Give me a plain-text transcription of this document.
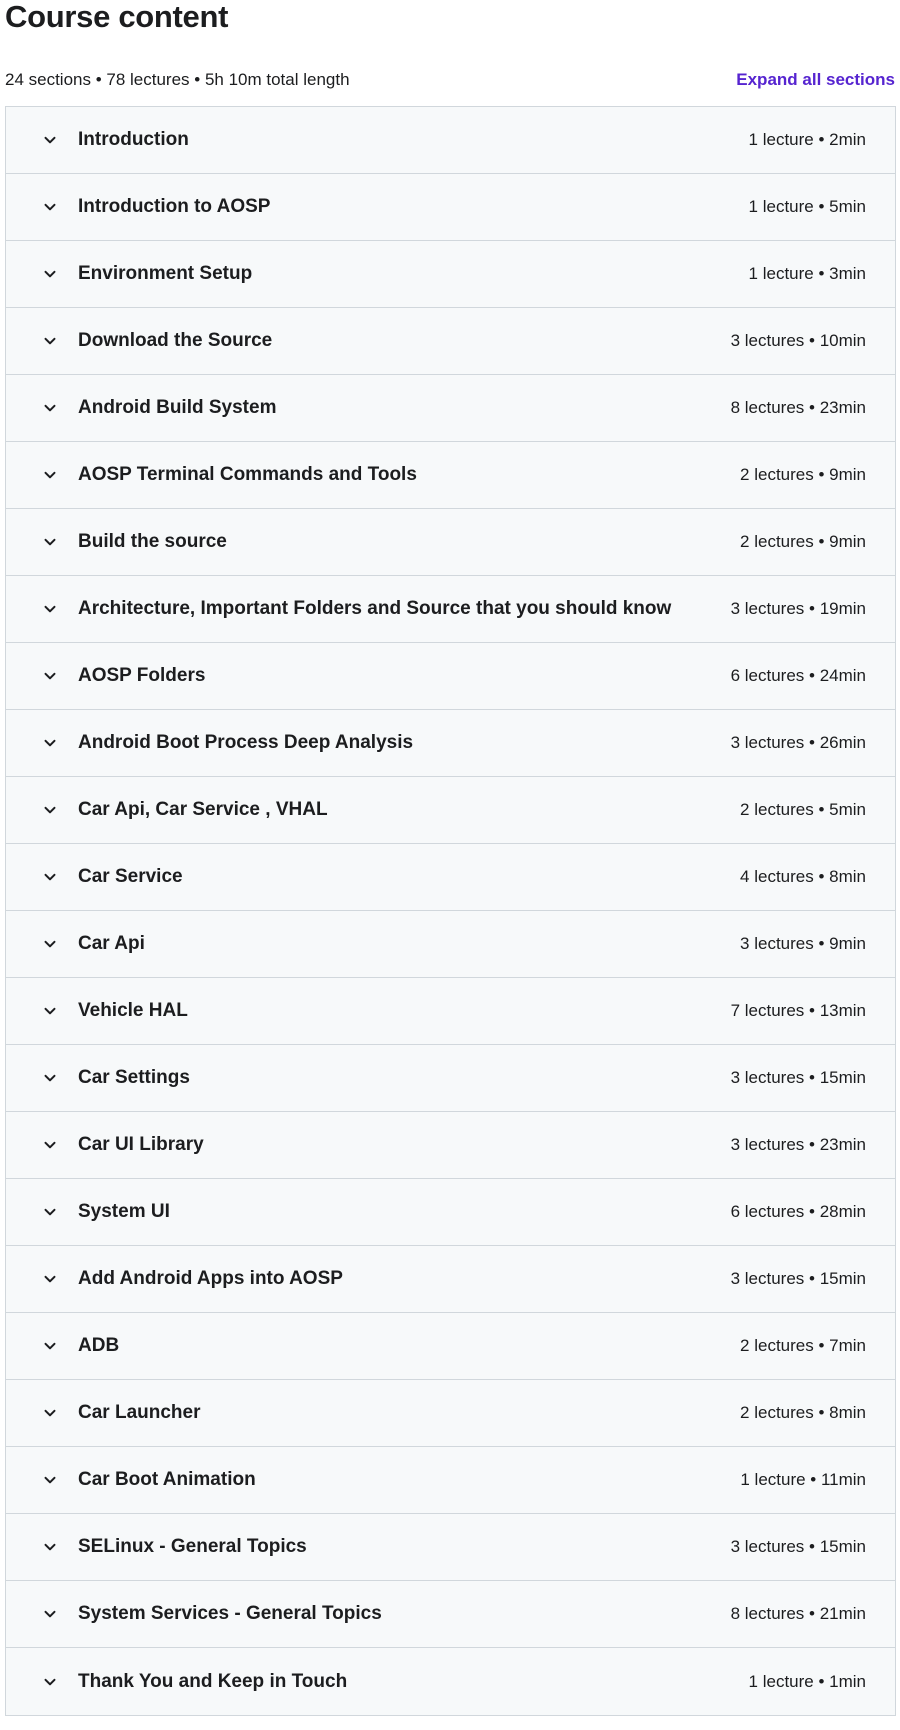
Course content
24 sections • 78 lectures • 5h 10m total length	Expand all sections
Introduction	1 lecture • 2min
Introduction to AOSP	1 lecture • 5min
Environment Setup	1 lecture • 3min
Download the Source	3 lectures • 10min
Android Build System	8 lectures • 23min
AOSP Terminal Commands and Tools	2 lectures • 9min
Build the source	2 lectures • 9min
Architecture, Important Folders and Source that you should know	3 lectures • 19min
AOSP Folders	6 lectures • 24min
Android Boot Process Deep Analysis	3 lectures • 26min
Car Api, Car Service , VHAL	2 lectures • 5min
Car Service	4 lectures • 8min
Car Api	3 lectures • 9min
Vehicle HAL	7 lectures • 13min
Car Settings	3 lectures • 15min
Car UI Library	3 lectures • 23min
System UI	6 lectures • 28min
Add Android Apps into AOSP	3 lectures • 15min
ADB	2 lectures • 7min
Car Launcher	2 lectures • 8min
Car Boot Animation	1 lecture • 11min
SELinux - General Topics	3 lectures • 15min
System Services - General Topics	8 lectures • 21min
Thank You and Keep in Touch	1 lecture • 1min
